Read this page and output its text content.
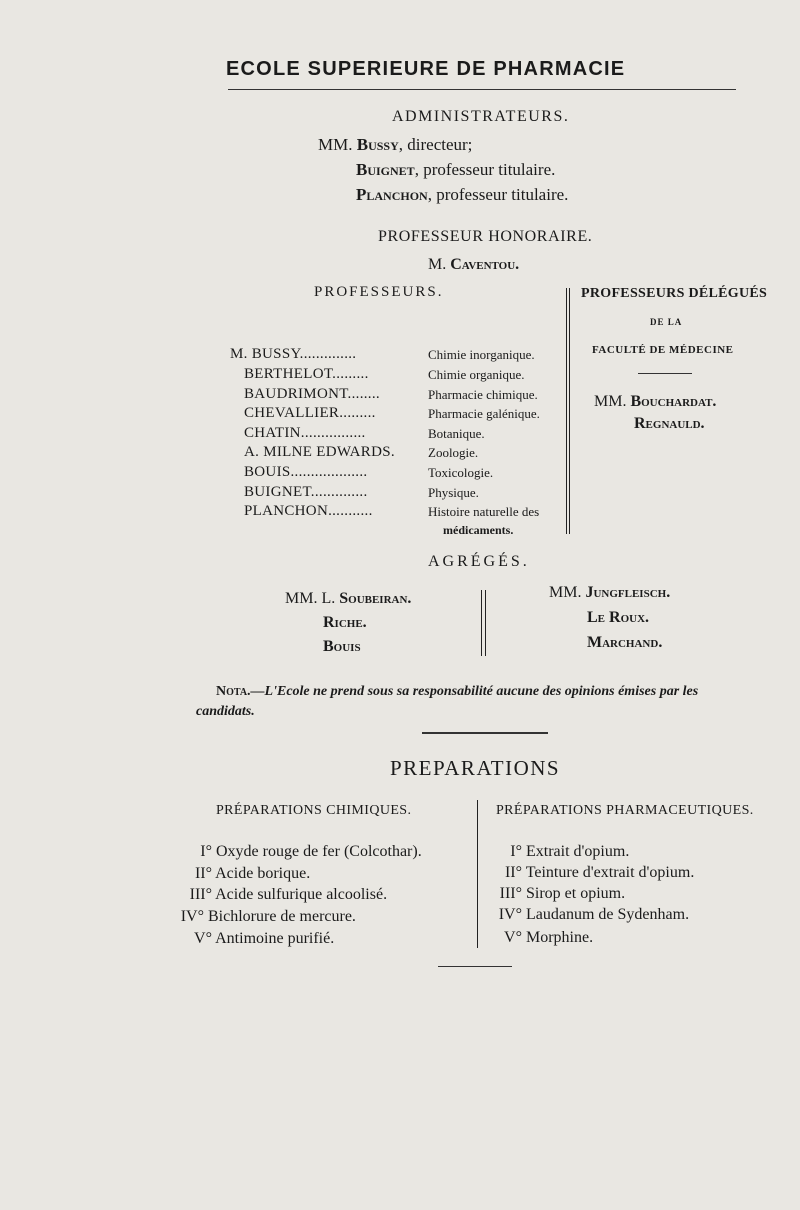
ECOLE SUPERIEURE DE PHARMACIE
ADMINISTRATEURS.
MM. Bussy, directeur;
Buignet, professeur titulaire.
Planchon, professeur titulaire.
PROFESSEUR HONORAIRE.
M. Caventou.
PROFESSEURS.
M. BUSSY..............	Chimie inorganique.
BERTHELOT.........	Chimie organique.
BAUDRIMONT........	Pharmacie chimique.
CHEVALLIER.........	Pharmacie galénique.
CHATIN................	Botanique.
A. MILNE EDWARDS.	Zoologie.
BOUIS...................	Toxicologie.
BUIGNET..............	Physique.
PLANCHON...........	Histoire naturelle des
médicaments.
PROFESSEURS DÉLÉGUÉS
DE LA
FACULTÉ DE MÉDECINE
MM. Bouchardat.
Regnauld.
AGRÉGÉS.
MM. L. Soubeiran.
Riche.
Bouis
MM. Jungfleisch.
Le Roux.
Marchand.
Nota.—L'Ecole ne prend sous sa responsabilité aucune des opinions émises par les
candidats.
PREPARATIONS
PRÉPARATIONS CHIMIQUES.	PRÉPARATIONS PHARMACEUTIQUES.
I° Oxyde rouge de fer (Colcothar).
II° Acide borique.
III° Acide sulfurique alcoolisé.
IV° Bichlorure de mercure.
V° Antimoine purifié.
I° Extrait d'opium.
II° Teinture d'extrait d'opium.
III° Sirop et opium.
IV° Laudanum de Sydenham.
V° Morphine.
